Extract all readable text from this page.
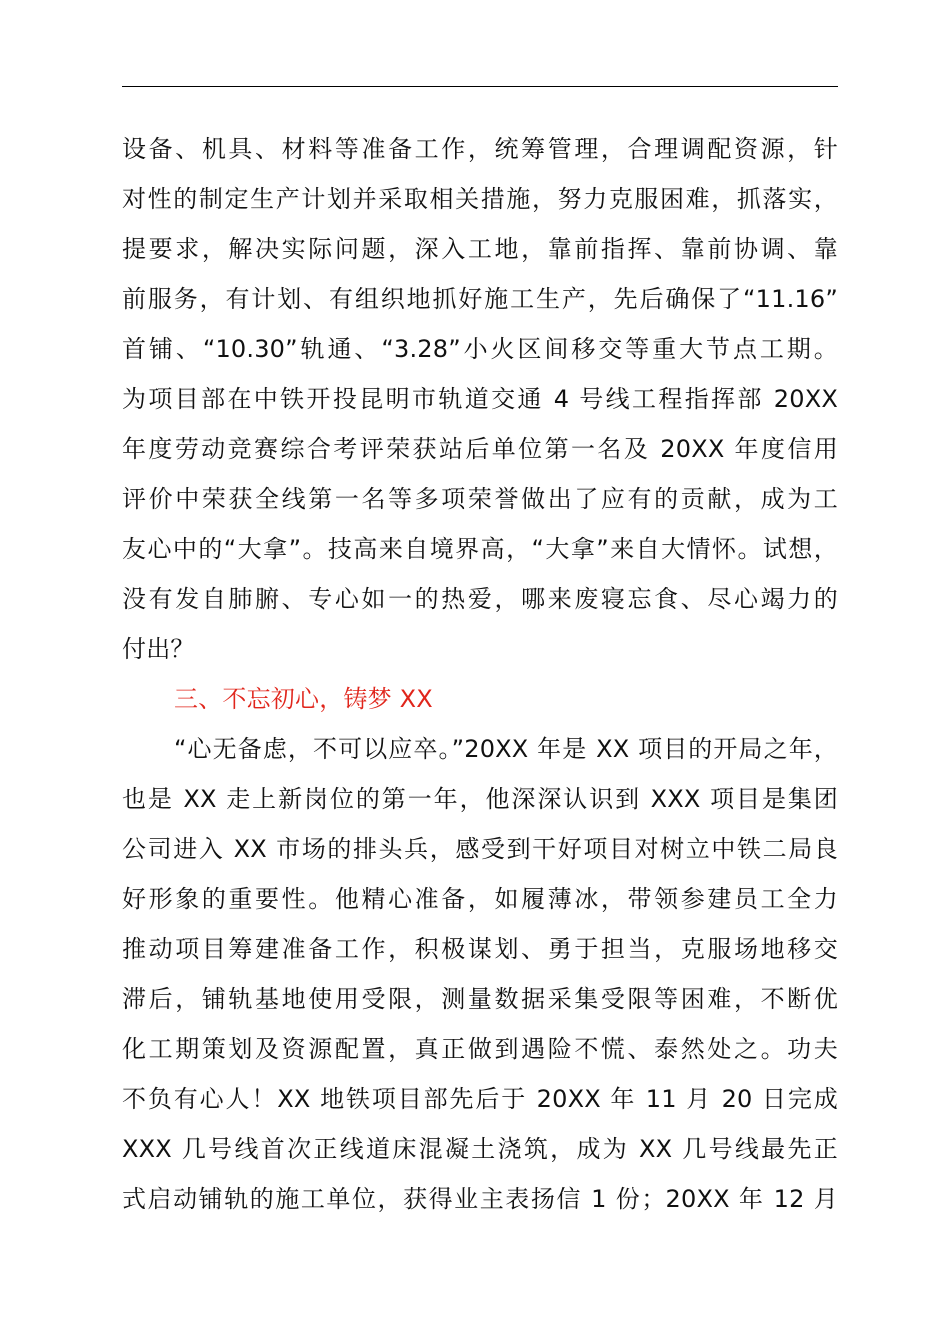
设备、机具、材料等准备工作，统筹管理，合理调配资源，针
对性的制定生产计划并采取相关措施，努力克服困难，抓落实，
提要求，解决实际问题，深入工地，靠前指挥、靠前协调、靠
前服务，有计划、有组织地抓好施工生产，先后确保了“11.16”
首铺、“10.30”轨通、“3.28”小火区间移交等重大节点工期。
为项目部在中铁开投昆明市轨道交通 4 号线工程指挥部 20XX
年度劳动竞赛综合考评荣获站后单位第一名及 20XX 年度信用
评价中荣获全线第一名等多项荣誉做出了应有的贡献，成为工
友心中的“大拿”。技高来自境界高，“大拿”来自大情怀。试想，
没有发自肺腑、专心如一的热爱，哪来废寝忘食、尽心竭力的
付出？
三、不忘初心，铸梦 XX
“心无备虑，不可以应卒。”20XX 年是 XX 项目的开局之年，
也是 XX 走上新岗位的第一年，他深深认识到 XXX 项目是集团
公司进入 XX 市场的排头兵，感受到干好项目对树立中铁二局良
好形象的重要性。他精心准备，如履薄冰，带领参建员工全力
推动项目筹建准备工作，积极谋划、勇于担当，克服场地移交
滞后，铺轨基地使用受限，测量数据采集受限等困难，不断优
化工期策划及资源配置，真正做到遇险不慌、泰然处之。功夫
不负有心人！XX 地铁项目部先后于 20XX 年 11 月 20 日完成
XXX 几号线首次正线道床混凝土浇筑，成为 XX 几号线最先正
式启动铺轨的施工单位，获得业主表扬信 1 份；20XX 年 12 月
